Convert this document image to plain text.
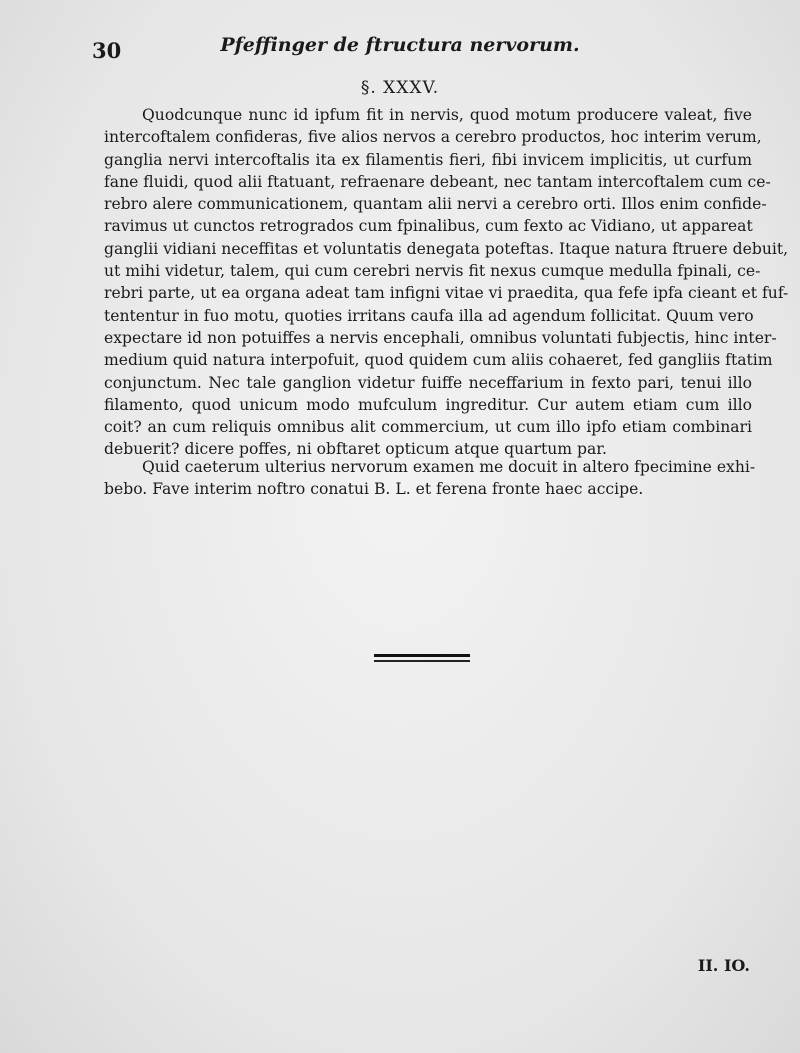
30	Pfeffinger de ftructura nervorum.
§. XXXV.
Quodcunque nunc id ipfum fit in nervis, quod motum producere valeat, five
intercoftalem confideras, five alios nervos a cerebro productos, hoc interim verum,
ganglia nervi intercoftalis ita ex filamentis fieri, fibi invicem implicitis, ut curfum
fane fluidi, quod alii ftatuant, refraenare debeant, nec tantam intercoftalem cum ce-
rebro alere communicationem, quantam alii nervi a cerebro orti. Illos enim confide-
ravimus ut cunctos retrogrados cum fpinalibus, cum fexto ac Vidiano, ut appareat
ganglii vidiani neceffitas et voluntatis denegata poteftas. Itaque natura ftruere debuit,
ut mihi videtur, talem, qui cum cerebri nervis fit nexus cumque medulla fpinali, ce-
rebri parte, ut ea organa adeat tam infigni vitae vi praedita, qua fefe ipfa cieant et fuf-
tententur in fuo motu, quoties irritans caufa illa ad agendum follicitat. Quum vero
expectare id non potuiffes a nervis encephali, omnibus voluntati fubjectis, hinc inter-
medium quid natura interpofuit, quod quidem cum aliis cohaeret, fed gangliis ftatim
conjunctum. Nec tale ganglion videtur fuiffe neceffarium in fexto pari, tenui illo
filamento, quod unicum modo mufculum ingreditur. Cur autem etiam cum illo
coit? an cum reliquis omnibus alit commercium, ut cum illo ipfo etiam combinari
debuerit? dicere poffes, ni obftaret opticum atque quartum par.
Quid caeterum ulterius nervorum examen me docuit in altero fpecimine exhi-
bebo. Fave interim noftro conatui B. L. et ferena fronte haec accipe.
II. IO.
